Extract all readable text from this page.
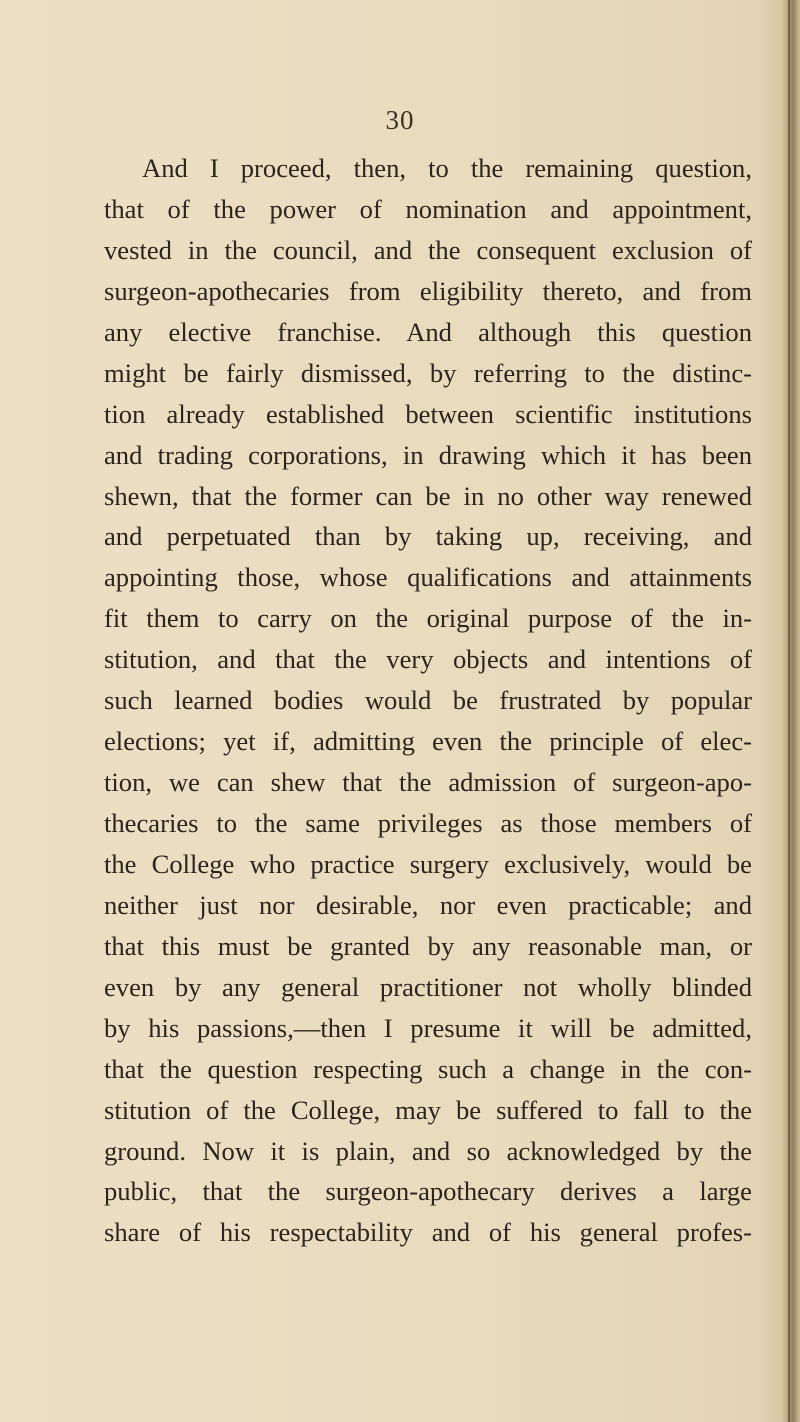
30
And I proceed, then, to the remaining question,
that of the power of nomination and appointment,
vested in the council, and the consequent exclusion of
surgeon-apothecaries from eligibility thereto, and from
any elective franchise. And although this question
might be fairly dismissed, by referring to the distinc-
tion already established between scientific institutions
and trading corporations, in drawing which it has been
shewn, that the former can be in no other way renewed
and perpetuated than by taking up, receiving, and
appointing those, whose qualifications and attainments
fit them to carry on the original purpose of the in-
stitution, and that the very objects and intentions of
such learned bodies would be frustrated by popular
elections; yet if, admitting even the principle of elec-
tion, we can shew that the admission of surgeon-apo-
thecaries to the same privileges as those members of
the College who practice surgery exclusively, would be
neither just nor desirable, nor even practicable; and
that this must be granted by any reasonable man, or
even by any general practitioner not wholly blinded
by his passions,—then I presume it will be admitted,
that the question respecting such a change in the con-
stitution of the College, may be suffered to fall to the
ground. Now it is plain, and so acknowledged by the
public, that the surgeon-apothecary derives a large
share of his respectability and of his general profes-
